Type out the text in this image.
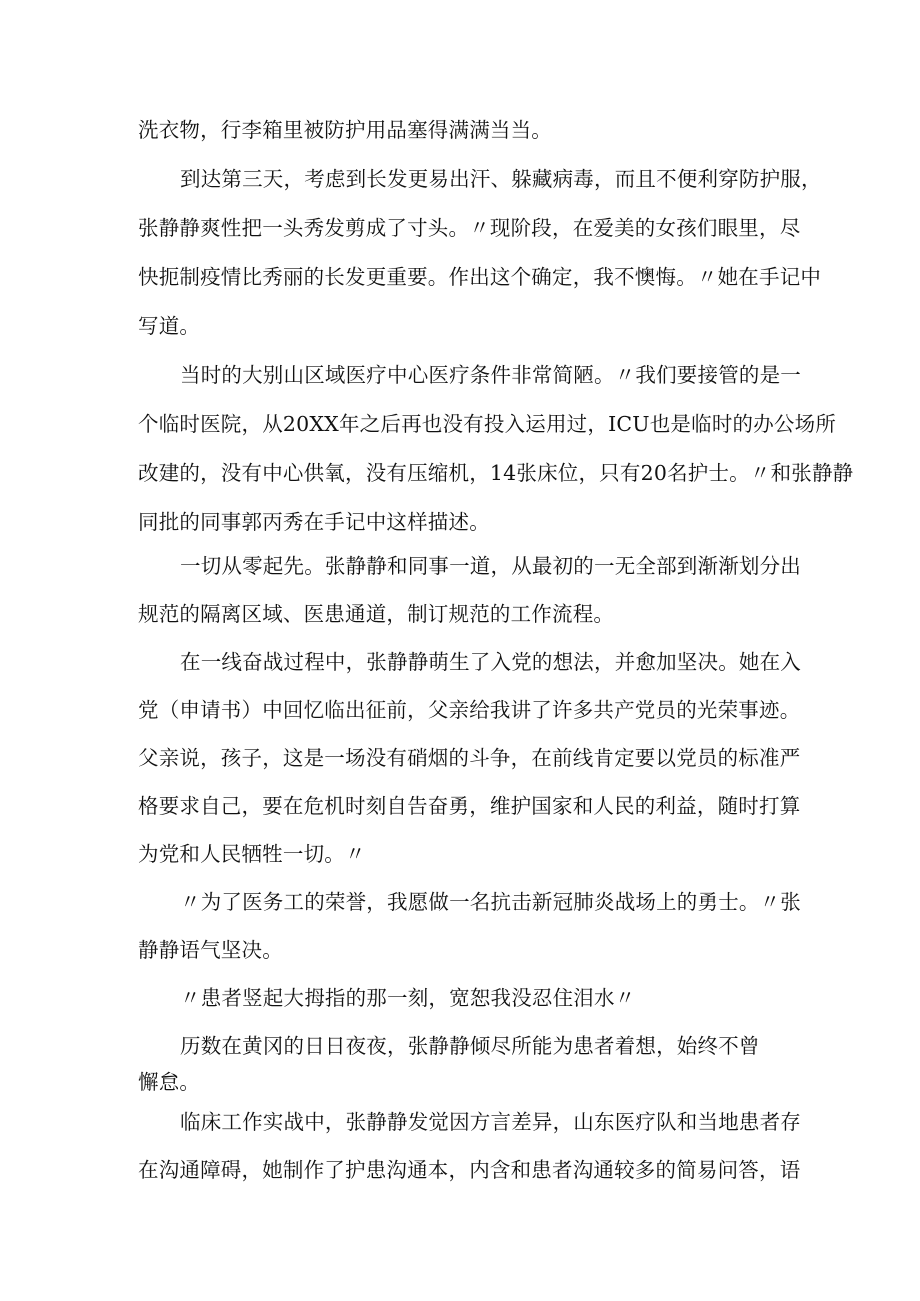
洗衣物，行李箱里被防护用品塞得满满当当。
到达第三天，考虑到长发更易出汗、躲藏病毒，而且不便利穿防护服，
张静静爽性把一头秀发剪成了寸头。〃现阶段，在爱美的女孩们眼里，尽
快扼制疫情比秀丽的长发更重要。作出这个确定，我不懊悔。〃她在手记中
写道。
当时的大别山区域医疗中心医疗条件非常简陋。〃我们要接管的是一
个临时医院，从20XX年之后再也没有投入运用过，ICU也是临时的办公场所
改建的，没有中心供氧，没有压缩机，14张床位，只有20名护士。〃和张静静
同批的同事郭丙秀在手记中这样描述。
一切从零起先。张静静和同事一道，从最初的一无全部到渐渐划分出
规范的隔离区域、医患通道，制订规范的工作流程。
在一线奋战过程中，张静静萌生了入党的想法，并愈加坚决。她在入
党（申请书）中回忆临出征前，父亲给我讲了许多共产党员的光荣事迹。
父亲说，孩子，这是一场没有硝烟的斗争，在前线肯定要以党员的标准严
格要求自己，要在危机时刻自告奋勇，维护国家和人民的利益，随时打算
为党和人民牺牲一切。〃
〃为了医务工的荣誉，我愿做一名抗击新冠肺炎战场上的勇士。〃张
静静语气坚决。
〃患者竖起大拇指的那一刻，宽恕我没忍住泪水〃
历数在黄冈的日日夜夜，张静静倾尽所能为患者着想，始终不曾
懈怠。
临床工作实战中，张静静发觉因方言差异，山东医疗队和当地患者存
在沟通障碍，她制作了护患沟通本，内含和患者沟通较多的简易问答，语
